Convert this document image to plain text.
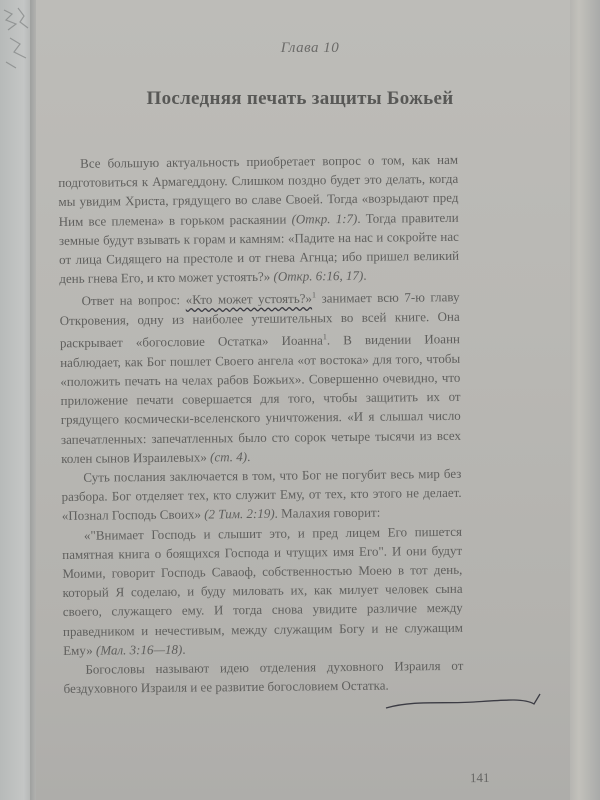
Глава 10
Последняя печать защиты Божьей

Все большую актуальность приобретает вопрос о том, как нам подготовиться к Армагеддону. Слишком поздно будет это делать, когда мы увидим Христа, грядущего во славе Своей. Тогда «возрыдают пред Ним все племена» в горьком раскаянии (Откр. 1:7). Тогда правители земные будут взывать к горам и камням: «Падите на нас и сокройте нас от лица Сидящего на престоле и от гнева Агнца; ибо пришел великий день гнева Его, и кто может устоять?» (Откр. 6:16, 17).

Ответ на вопрос: «Кто может устоять?»$^1$ занимает всю 7-ю главу Откровения, одну из наиболее утешительных во всей книге. Она раскрывает «богословие Остатка» Иоанна$^1$. В видении Иоанн наблюдает, как Бог пошлет Своего ангела «от востока» для того, чтобы «положить печать на челах рабов Божьих». Совершенно очевидно, что приложение печати совершается для того, чтобы защитить их от грядущего космически-вселенского уничтожения. «И я слышал число запечатленных: запечатленных было сто сорок четыре тысячи из всех колен сынов Израилевых» (ст. 4).

Суть послания заключается в том, что Бог не погубит весь мир без разбора. Бог отделяет тех, кто служит Ему, от тех, кто этого не делает. «Познал Господь Своих» (2 Тим. 2:19). Малахия говорит:

«"Внимает Господь и слышит это, и пред лицем Его пишется памятная книга о боящихся Господа и чтущих имя Его". И они будут Моими, говорит Господь Саваоф, собственностью Моею в тот день, который Я соделаю, и буду миловать их, как милует человек сына своего, служащего ему. И тогда снова увидите различие между праведником и нечестивым, между служащим Богу и не служащим Ему» (Мал. 3:16—18).

Богословы называют идею отделения духовного Израиля от бездуховного Израиля и ее развитие богословием Остатка.

141
